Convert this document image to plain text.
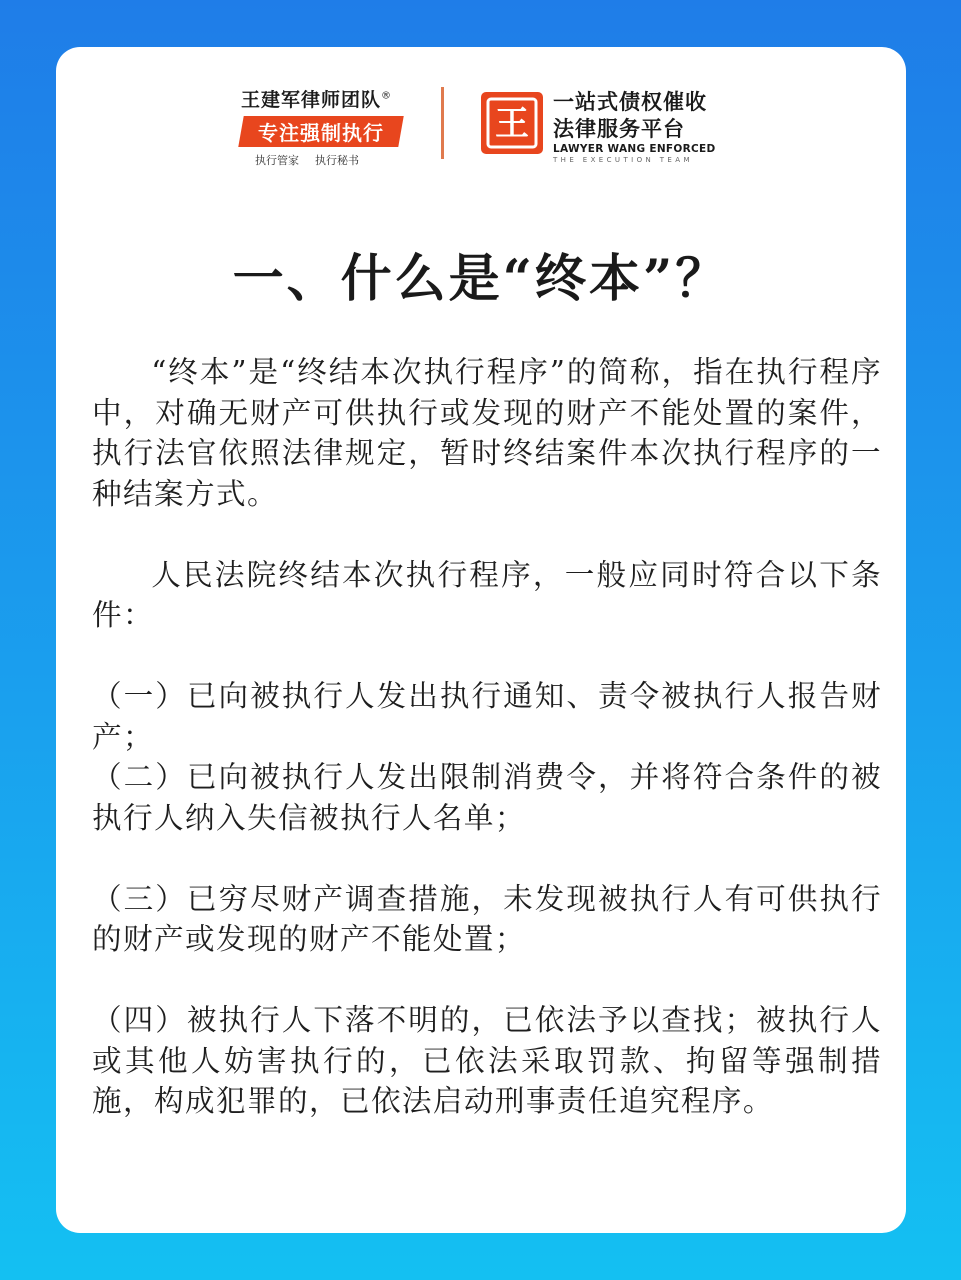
王建军律师团队®
专注强制执行
执行管家 执行秘书
王
一站式债权催收
法律服务平台
LAWYER WANG ENFORCED
THE EXECUTION TEAM
一、什么是“终本”？

“终本”是“终结本次执行程序”的简称，指在执行程序中，对确无财产可供执行或发现的财产不能处置的案件，执行法官依照法律规定，暂时终结案件本次执行程序的一种结案方式。

人民法院终结本次执行程序，一般应同时符合以下条件：

（一）已向被执行人发出执行通知、责令被执行人报告财产；

（二）已向被执行人发出限制消费令，并将符合条件的被执行人纳入失信被执行人名单；

（三）已穷尽财产调查措施，未发现被执行人有可供执行的财产或发现的财产不能处置；

（四）被执行人下落不明的，已依法予以查找；被执行人或其他人妨害执行的，已依法采取罚款、拘留等强制措施，构成犯罪的，已依法启动刑事责任追究程序。
